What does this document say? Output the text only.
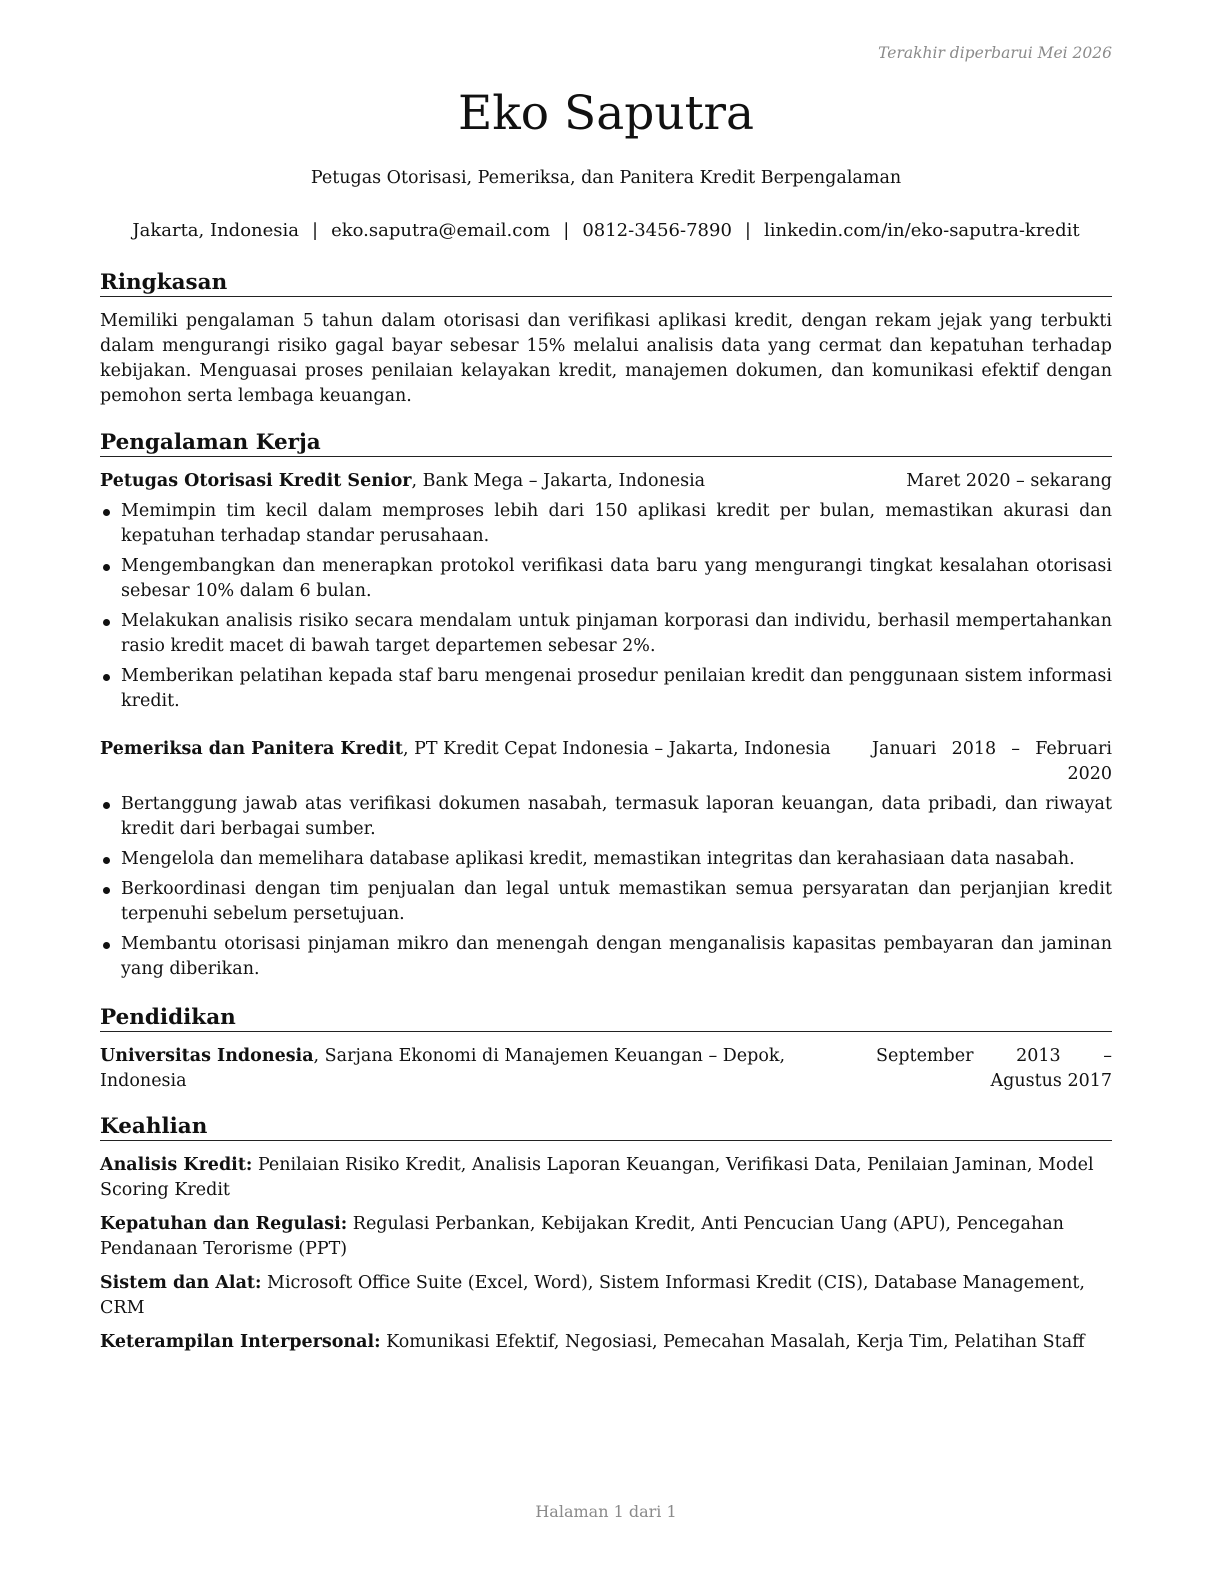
Terakhir diperbarui Mei 2026
Eko Saputra
Petugas Otorisasi, Pemeriksa, dan Panitera Kredit Berpengalaman
Jakarta, Indonesia | eko.saputra@email.com | 0812-3456-7890 | linkedin.com/in/eko-saputra-kredit
Ringkasan

Memiliki pengalaman 5 tahun dalam otorisasi dan verifikasi aplikasi kredit, dengan rekam jejak yang terbukti dalam mengurangi risiko gagal bayar sebesar 15% melalui analisis data yang cermat dan kepatuhan terhadap kebijakan. Menguasai proses penilaian kelayakan kredit, manajemen dokumen, dan komunikasi efektif dengan pemohon serta lembaga keuangan.

Pengalaman Kerja
Petugas Otorisasi Kredit Senior, Bank Mega – Jakarta, Indonesia	Maret 2020 – sekarang
Memimpin tim kecil dalam memproses lebih dari 150 aplikasi kredit per bulan, memastikan akurasi dan kepatuhan terhadap standar perusahaan.
Mengembangkan dan menerapkan protokol verifikasi data baru yang mengurangi tingkat kesalahan otorisasi sebesar 10% dalam 6 bulan.
Melakukan analisis risiko secara mendalam untuk pinjaman korporasi dan individu, berhasil mempertahankan rasio kredit macet di bawah target departemen sebesar 2%.
Memberikan pelatihan kepada staf baru mengenai prosedur penilaian kredit dan penggunaan sistem informasi kredit.
Pemeriksa dan Panitera Kredit, PT Kredit Cepat Indonesia – Jakarta, Indonesia	Januari 2018 – Februari 2020
Bertanggung jawab atas verifikasi dokumen nasabah, termasuk laporan keuangan, data pribadi, dan riwayat kredit dari berbagai sumber.
Mengelola dan memelihara database aplikasi kredit, memastikan integritas dan kerahasiaan data nasabah.
Berkoordinasi dengan tim penjualan dan legal untuk memastikan semua persyaratan dan perjanjian kredit terpenuhi sebelum persetujuan.
Membantu otorisasi pinjaman mikro dan menengah dengan menganalisis kapasitas pembayaran dan jaminan yang diberikan.
Pendidikan
Universitas Indonesia, Sarjana Ekonomi di Manajemen Keuangan – Depok, Indonesia
September 2013 – Agustus 2017
Keahlian

Analisis Kredit: Penilaian Risiko Kredit, Analisis Laporan Keuangan, Verifikasi Data, Penilaian Jaminan, Model Scoring Kredit

Kepatuhan dan Regulasi: Regulasi Perbankan, Kebijakan Kredit, Anti Pencucian Uang (APU), Pencegahan Pendanaan Terorisme (PPT)

Sistem dan Alat: Microsoft Office Suite (Excel, Word), Sistem Informasi Kredit (CIS), Database Management, CRM

Keterampilan Interpersonal: Komunikasi Efektif, Negosiasi, Pemecahan Masalah, Kerja Tim, Pelatihan Staff

Halaman 1 dari 1
